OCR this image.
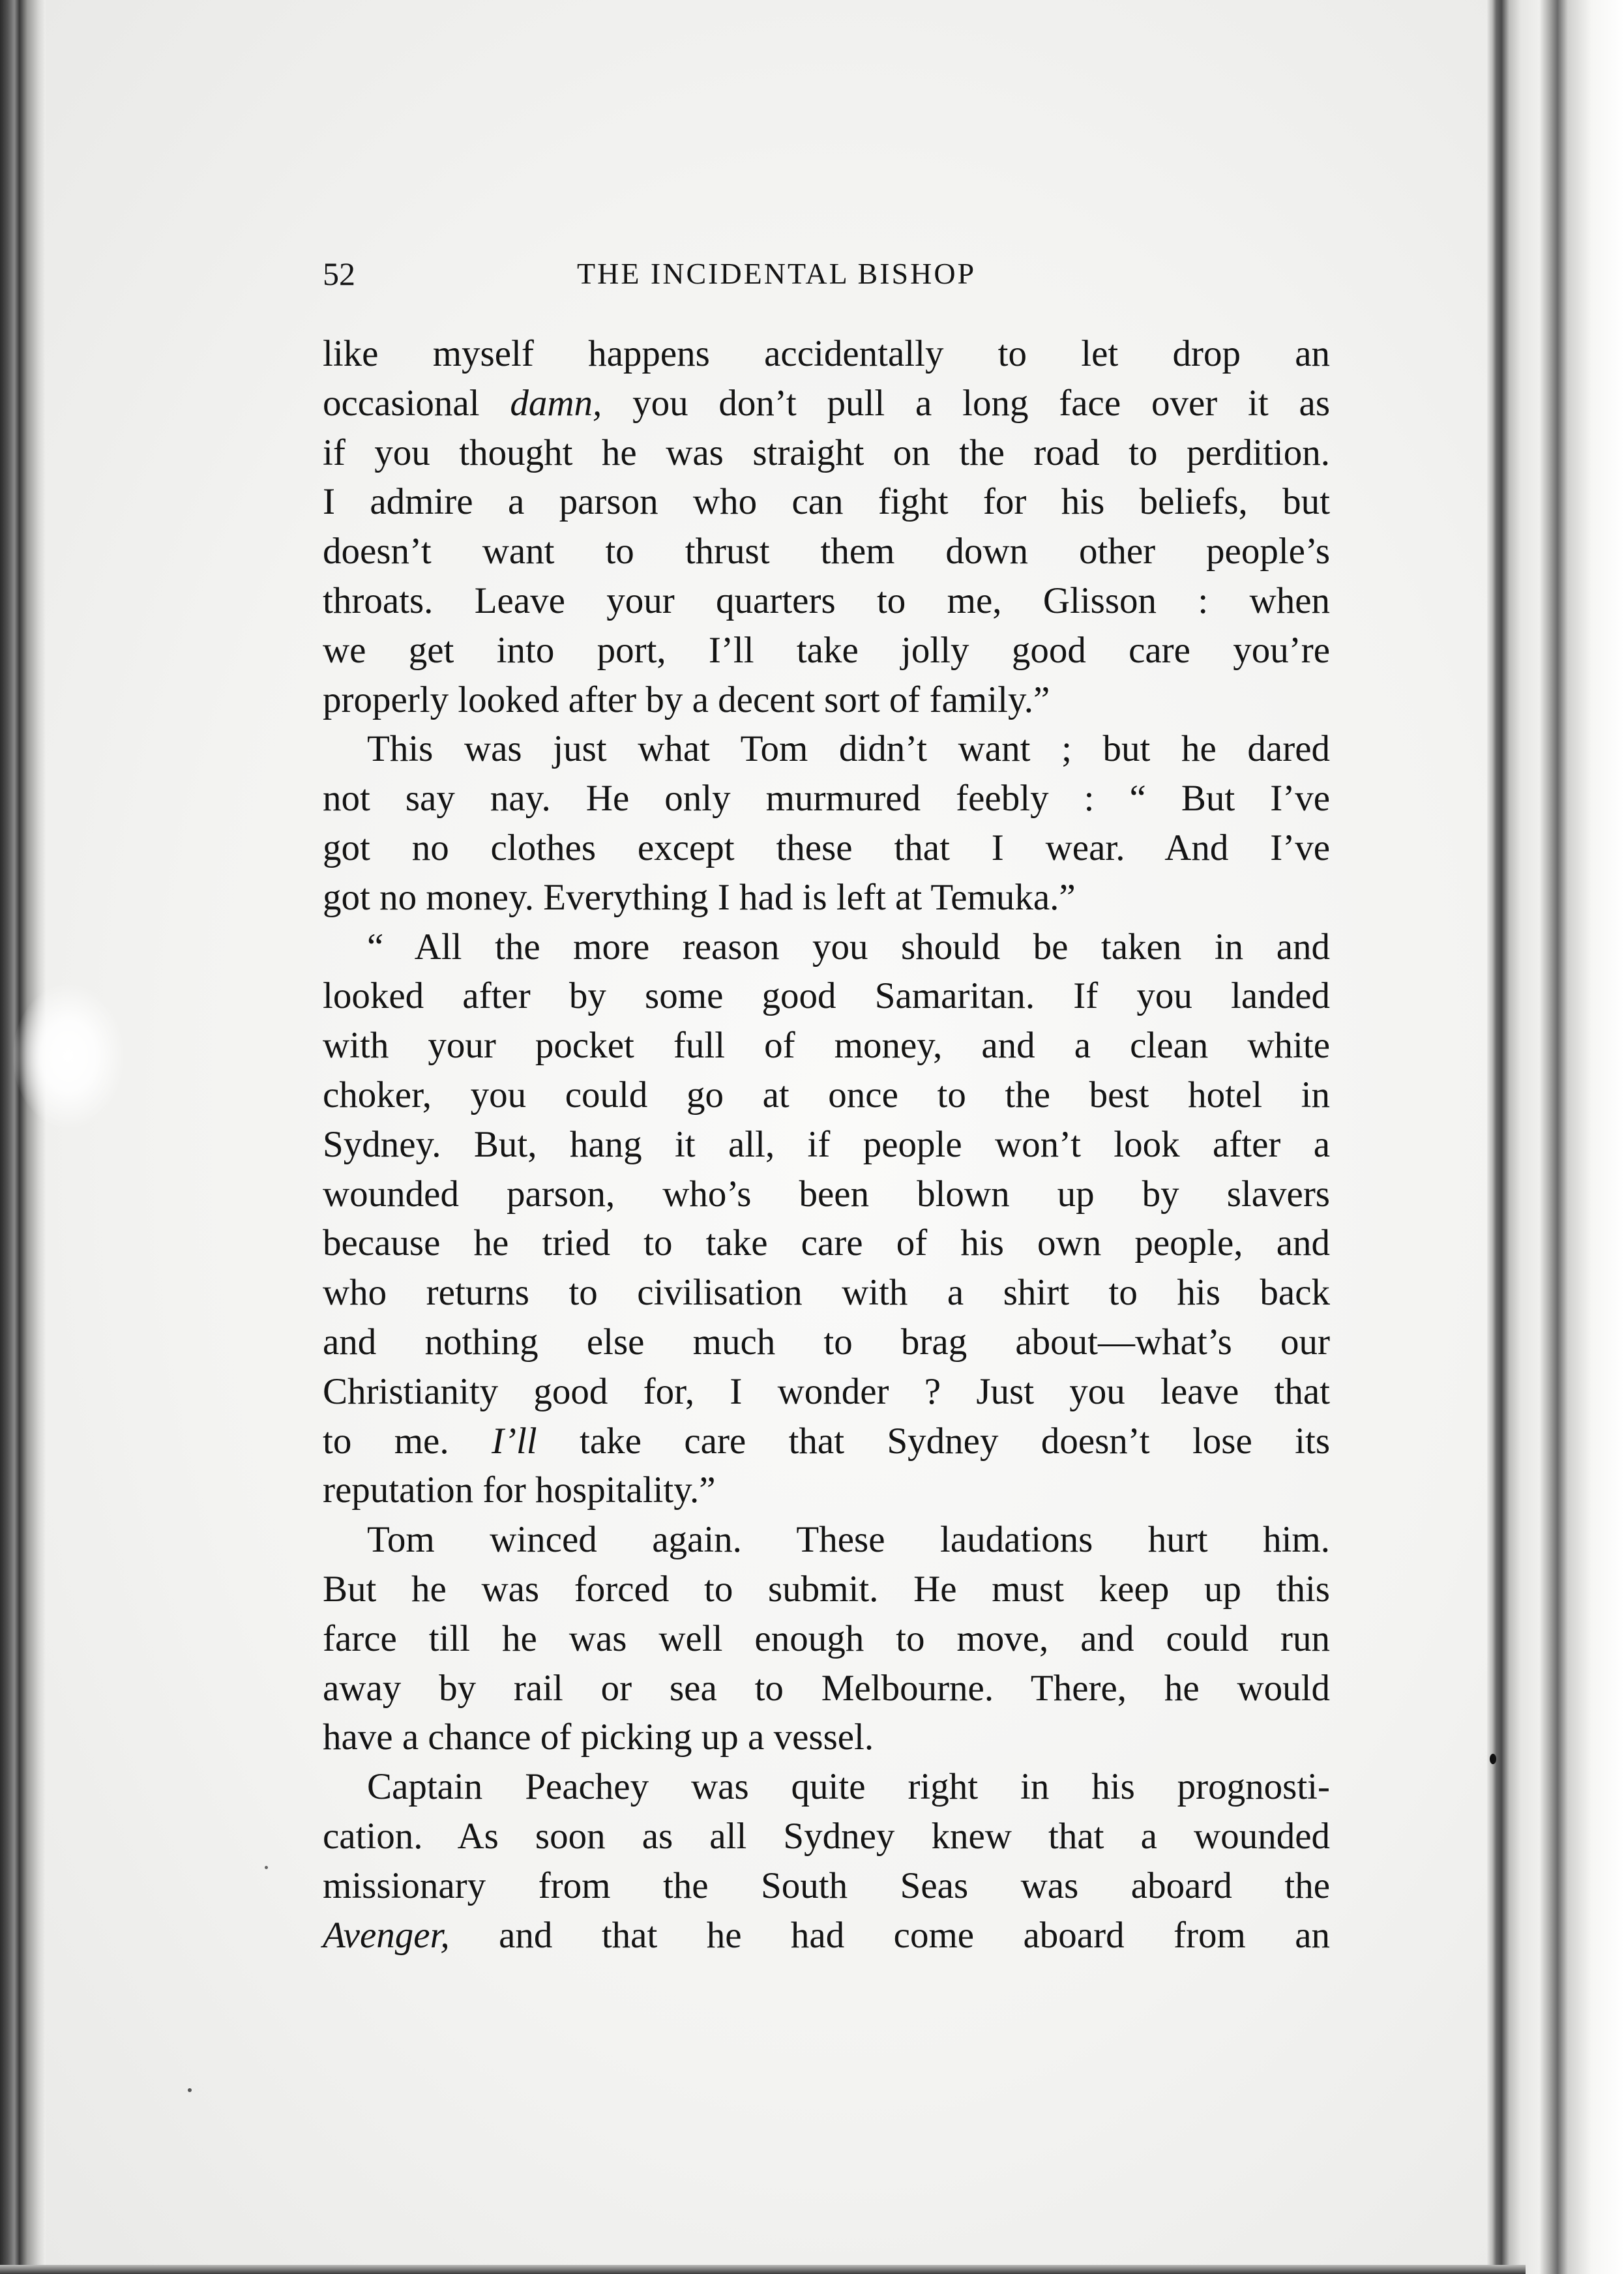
52	THE INCIDENTAL BISHOP
like myself happens accidentally to let drop an
occasional damn, you don’t pull a long face over it as
if you thought he was straight on the road to perdition.
I admire a parson who can fight for his beliefs, but
doesn’t want to thrust them down other people’s
throats. Leave your quarters to me, Glisson : when
we get into port, I’ll take jolly good care you’re
properly looked after by a decent sort of family.”
This was just what Tom didn’t want ; but he dared
not say nay. He only murmured feebly : “ But I’ve
got no clothes except these that I wear. And I’ve
got no money. Everything I had is left at Temuka.”
“ All the more reason you should be taken in and
looked after by some good Samaritan. If you landed
with your pocket full of money, and a clean white
choker, you could go at once to the best hotel in
Sydney. But, hang it all, if people won’t look after a
wounded parson, who’s been blown up by slavers
because he tried to take care of his own people, and
who returns to civilisation with a shirt to his back
and nothing else much to brag about—what’s our
Christianity good for, I wonder ? Just you leave that
to me. I’ll take care that Sydney doesn’t lose its
reputation for hospitality.”
Tom winced again. These laudations hurt him.
But he was forced to submit. He must keep up this
farce till he was well enough to move, and could run
away by rail or sea to Melbourne. There, he would
have a chance of picking up a vessel.
Captain Peachey was quite right in his prognosti-
cation. As soon as all Sydney knew that a wounded
missionary from the South Seas was aboard the
Avenger, and that he had come aboard from an
